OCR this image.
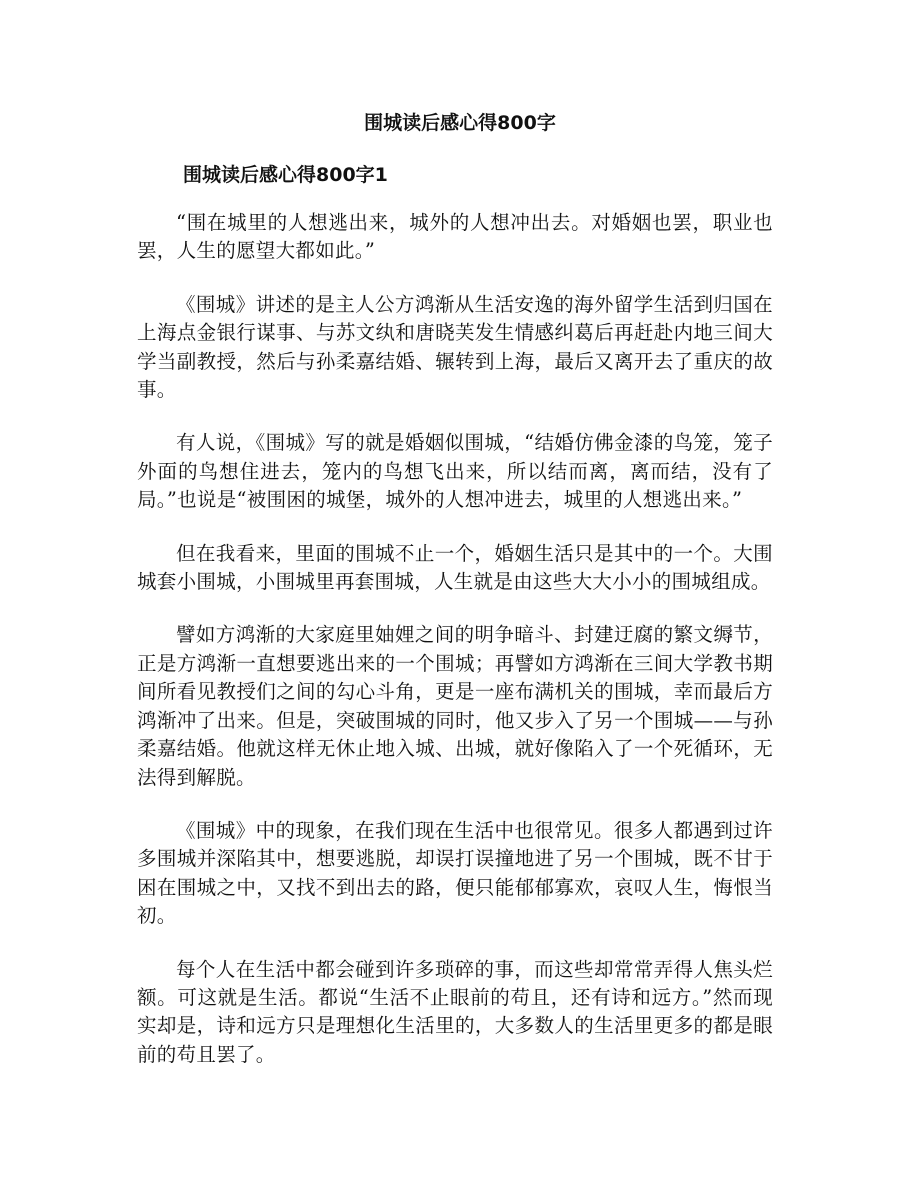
围城读后感心得800字
围城读后感心得800字1

“围在城里的人想逃出来，城外的人想冲出去。对婚姻也罢，职业也罢，人生的愿望大都如此。”

《围城》讲述的是主人公方鸿渐从生活安逸的海外留学生活到归国在上海点金银行谋事、与苏文纨和唐晓芙发生情感纠葛后再赶赴内地三间大学当副教授，然后与孙柔嘉结婚、辗转到上海，最后又离开去了重庆的故事。

有人说，《围城》写的就是婚姻似围城，“结婚仿佛金漆的鸟笼，笼子外面的鸟想住进去，笼内的鸟想飞出来，所以结而离，离而结，没有了局。”也说是“被围困的城堡，城外的人想冲进去，城里的人想逃出来。”

但在我看来，里面的围城不止一个，婚姻生活只是其中的一个。大围城套小围城，小围城里再套围城，人生就是由这些大大小小的围城组成。

譬如方鸿渐的大家庭里妯娌之间的明争暗斗、封建迂腐的繁文缛节，正是方鸿渐一直想要逃出来的一个围城；再譬如方鸿渐在三间大学教书期间所看见教授们之间的勾心斗角，更是一座布满机关的围城，幸而最后方鸿渐冲了出来。但是，突破围城的同时，他又步入了另一个围城——与孙柔嘉结婚。他就这样无休止地入城、出城，就好像陷入了一个死循环，无法得到解脱。

《围城》中的现象，在我们现在生活中也很常见。很多人都遇到过许多围城并深陷其中，想要逃脱，却误打误撞地进了另一个围城，既不甘于困在围城之中，又找不到出去的路，便只能郁郁寡欢，哀叹人生，悔恨当初。

每个人在生活中都会碰到许多琐碎的事，而这些却常常弄得人焦头烂额。可这就是生活。都说“生活不止眼前的苟且，还有诗和远方。”然而现实却是，诗和远方只是理想化生活里的，大多数人的生活里更多的都是眼前的苟且罢了。
